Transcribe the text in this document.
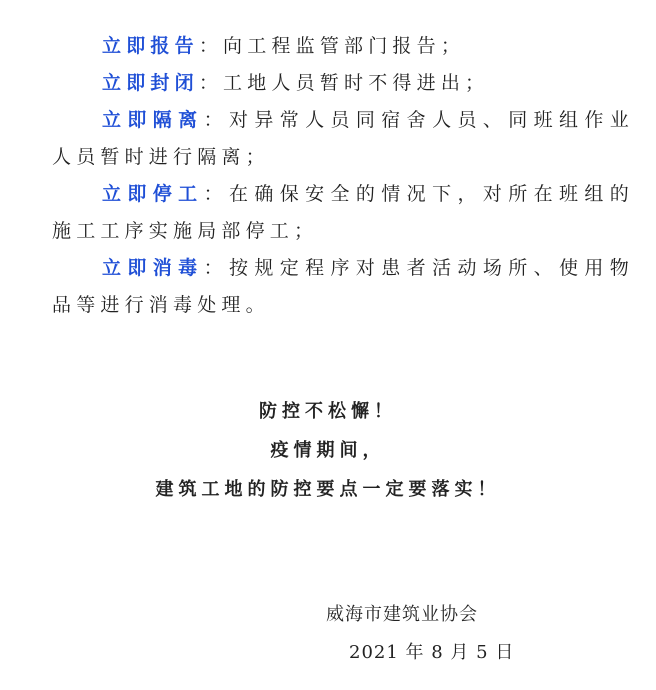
立即报告：向工程监管部门报告；

立即封闭：工地人员暂时不得进出；

立即隔离：对异常人员同宿舍人员、同班组作业人员暂时进行隔离；

立即停工：在确保安全的情况下，对所在班组的施工工序实施局部停工；

立即消毒：按规定程序对患者活动场所、使用物品等进行消毒处理。

防控不松懈！

疫情期间，

建筑工地的防控要点一定要落实！

威海市建筑业协会
2021 年 8 月 5 日
